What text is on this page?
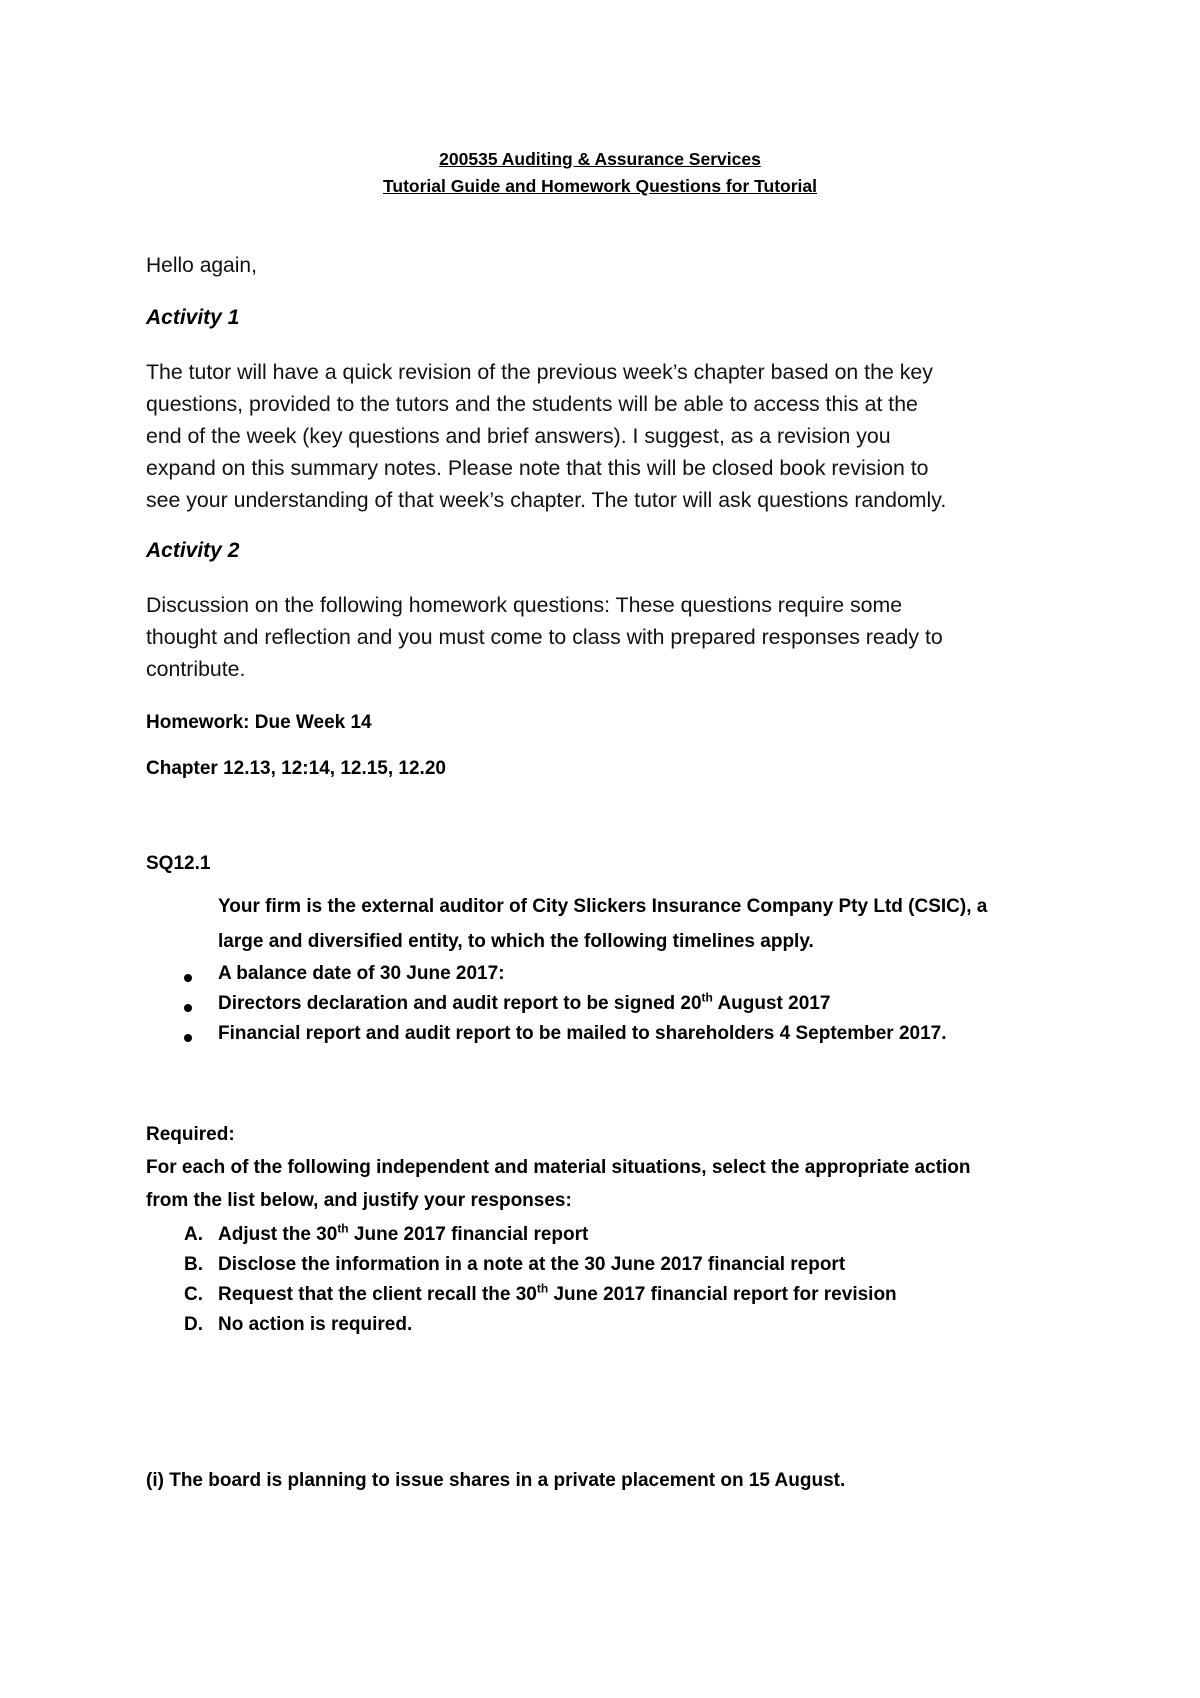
200535 Auditing & Assurance Services
Tutorial Guide and Homework Questions for Tutorial
Hello again,
Activity 1
The tutor will have a quick revision of the previous week’s chapter based on the key
questions, provided to the tutors and the students will be able to access this at the
end of the week (key questions and brief answers). I suggest, as a revision you
expand on this summary notes. Please note that this will be closed book revision to
see your understanding of that week’s chapter. The tutor will ask questions randomly.
Activity 2
Discussion on the following homework questions: These questions require some
thought and reflection and you must come to class with prepared responses ready to
contribute.
Homework: Due Week 14
Chapter 12.13, 12:14, 12.15, 12.20
SQ12.1
Your firm is the external auditor of City Slickers Insurance Company Pty Ltd (CSIC), a
large and diversified entity, to which the following timelines apply.
A balance date of 30 June 2017:
Directors declaration and audit report to be signed 20th August 2017
Financial report and audit report to be mailed to shareholders 4 September 2017.
Required:
For each of the following independent and material situations, select the appropriate action
from the list below, and justify your responses:
A. Adjust the 30th June 2017 financial report
B. Disclose the information in a note at the 30 June 2017 financial report
C. Request that the client recall the 30th June 2017 financial report for revision
D. No action is required.
(i) The board is planning to issue shares in a private placement on 15 August.
